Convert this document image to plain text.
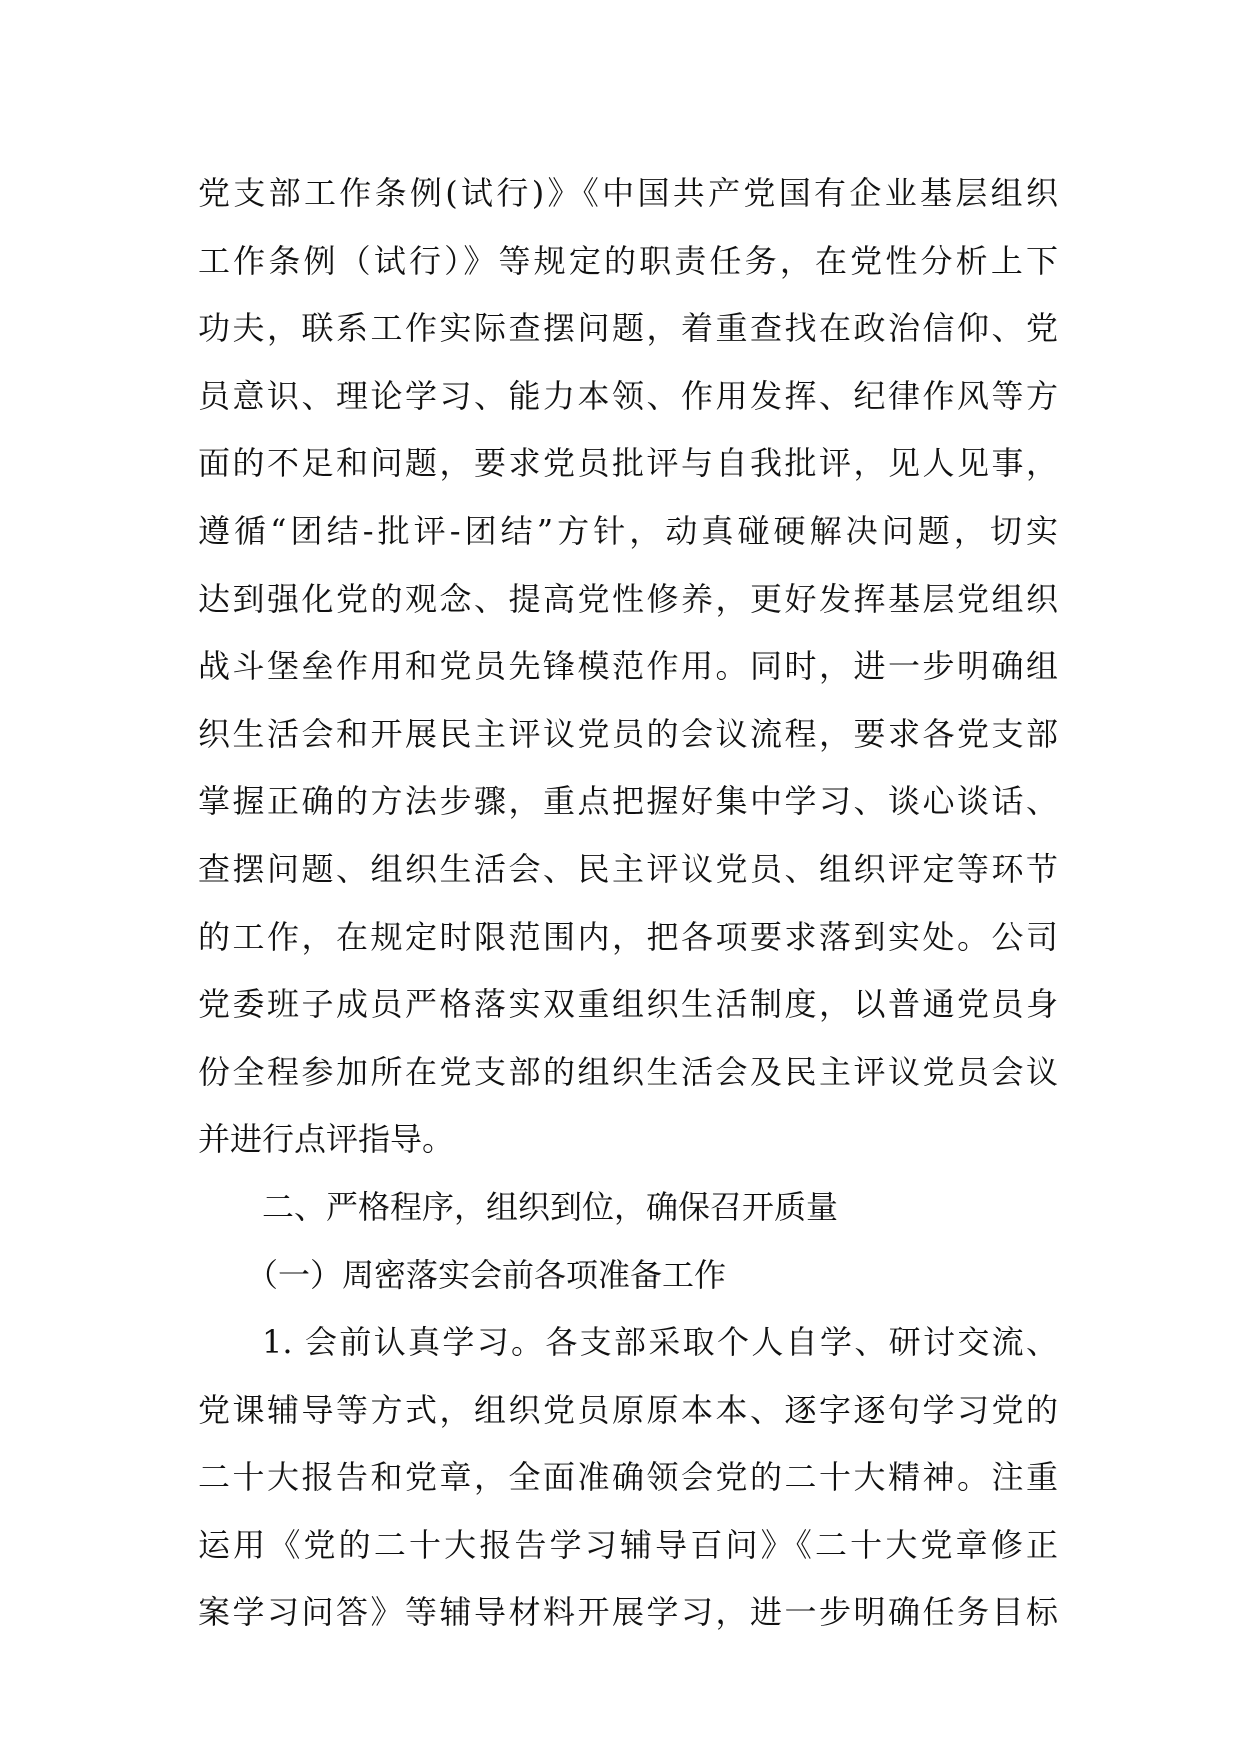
党支部工作条例(试行)》《中国共产党国有企业基层组织
工作条例（试行）》等规定的职责任务，在党性分析上下
功夫，联系工作实际查摆问题，着重查找在政治信仰、党
员意识、理论学习、能力本领、作用发挥、纪律作风等方
面的不足和问题，要求党员批评与自我批评，见人见事，
遵循“团结-批评-团结”方针，动真碰硬解决问题，切实
达到强化党的观念、提高党性修养，更好发挥基层党组织
战斗堡垒作用和党员先锋模范作用。同时，进一步明确组
织生活会和开展民主评议党员的会议流程，要求各党支部
掌握正确的方法步骤，重点把握好集中学习、谈心谈话、
查摆问题、组织生活会、民主评议党员、组织评定等环节
的工作，在规定时限范围内，把各项要求落到实处。公司
党委班子成员严格落实双重组织生活制度，以普通党员身
份全程参加所在党支部的组织生活会及民主评议党员会议
并进行点评指导。
二、严格程序，组织到位，确保召开质量
（一）周密落实会前各项准备工作
1. 会前认真学习。各支部采取个人自学、研讨交流、
党课辅导等方式，组织党员原原本本、逐字逐句学习党的
二十大报告和党章，全面准确领会党的二十大精神。注重
运用《党的二十大报告学习辅导百问》《二十大党章修正
案学习问答》等辅导材料开展学习，进一步明确任务目标
